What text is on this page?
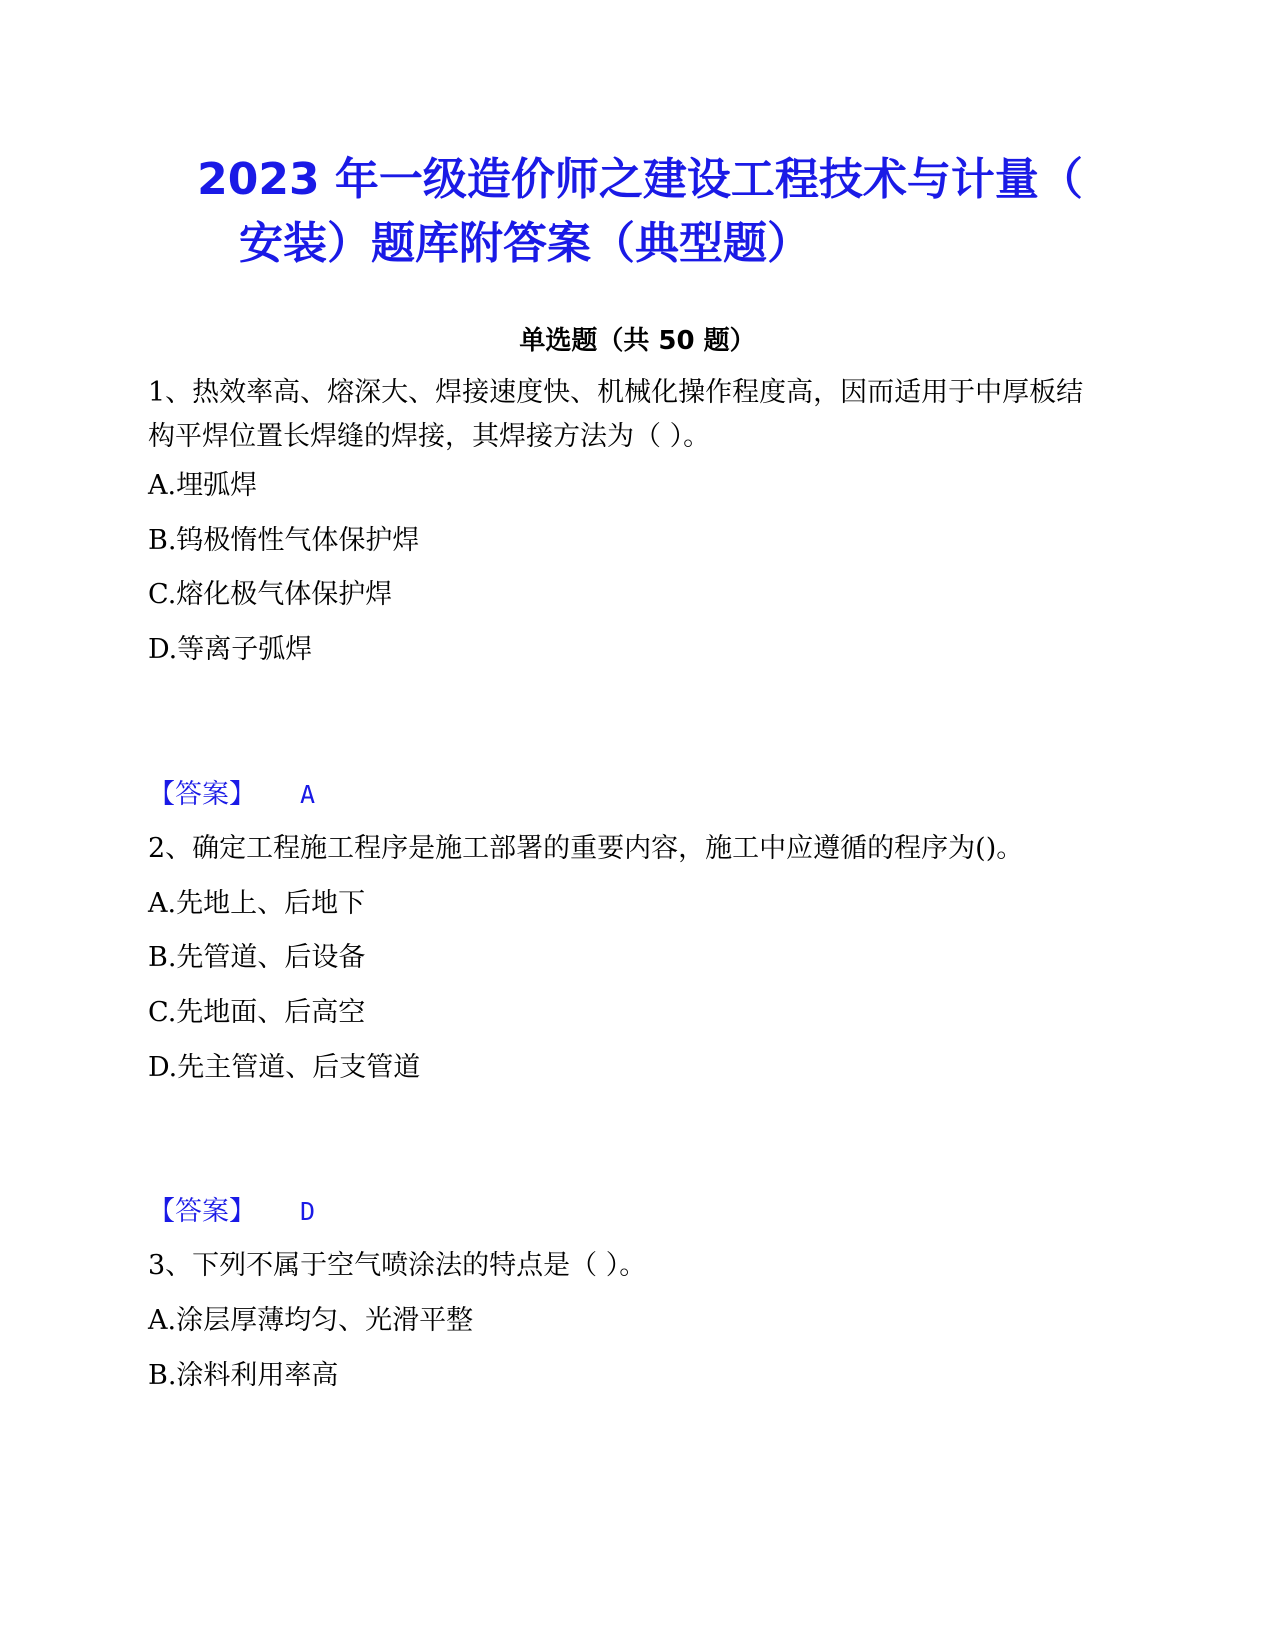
2023 年一级造价师之建设工程技术与计量（
安装）题库附答案（典型题）
单选题（共 50 题）
1、热效率高、熔深大、焊接速度快、机械化操作程度高，因而适用于中厚板结构平焊位置长焊缝的焊接，其焊接方法为（ ）。
A.埋弧焊
B.钨极惰性气体保护焊
C.熔化极气体保护焊
D.等离子弧焊
【答案】 A
2、确定工程施工程序是施工部署的重要内容，施工中应遵循的程序为()。
A.先地上、后地下
B.先管道、后设备
C.先地面、后高空
D.先主管道、后支管道
【答案】 D
3、下列不属于空气喷涂法的特点是（ ）。
A.涂层厚薄均匀、光滑平整
B.涂料利用率高
